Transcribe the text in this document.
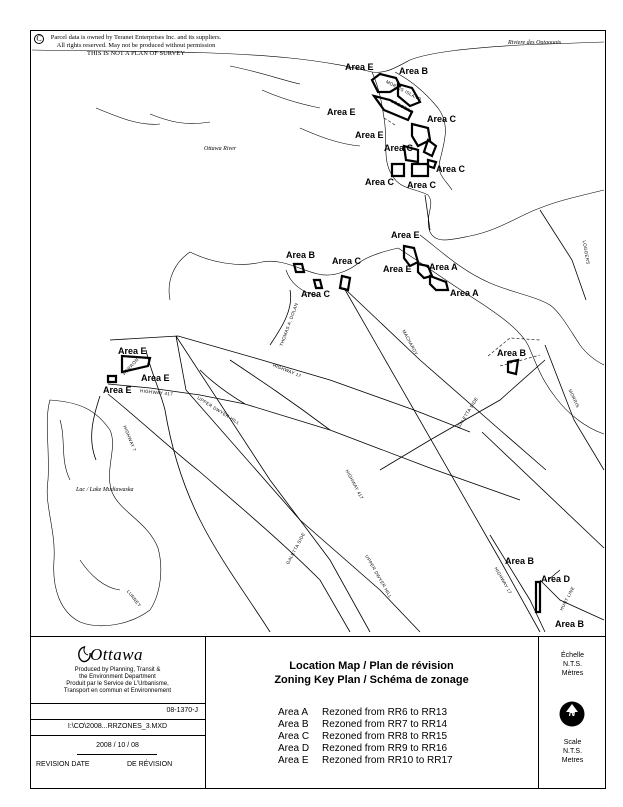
C	Parcel data is owned by Teranet Enterprises Inc. and its suppliers.
All rights reserved. May not be produced without permission
THIS IS NOT A PLAN OF SURVEY
Riviere des Outaouais
Ottawa River
Lac / Lake Mudiawaska
MORRIS ISLAND
LOGGERS
LOGGERS
THOMAS A. DOLAN
HIGHWAY 17
MACHARDY
HIGHWAY 417
UPPER DWYER HILL
HIGHWAY 7
HERRON
GALETTA SIDE	MORRIS
HIGHWAY 417
GALETTA SIDE
UPPER DWYER HILL	HIGHWAY 17
LUNNEY	HUNT LINE
Area E	Area B
Area E
Area E
Area C
Area C
Area C
Area C Area C
Area E
Area E Area A
Area A
Area B
Area C
Area C
Area B
Area E
Area E
Area E
Area B
Area D
Area B
Ottawa
Produced by Planning, Transit &
the Environment Department
Produit par le Service de L'Urbanisme,
Transport en commun et Environnement
08-1370-J
I:\CO\2008...RRZONES_3.MXD
2008 / 10 / 08
REVISION DATE	DE RÉVISION
Location Map / Plan de révision
Zoning Key Plan / Schéma de zonage
Area A Rezoned from RR6 to RR13
Area B Rezoned from RR7 to RR14
Area C Rezoned from RR8 to RR15
Area D Rezoned from RR9 to RR16
Area E Rezoned from RR10 to RR17
Échelle
N.T.S.
Mètres
N
Scale
N.T.S.
Metres
